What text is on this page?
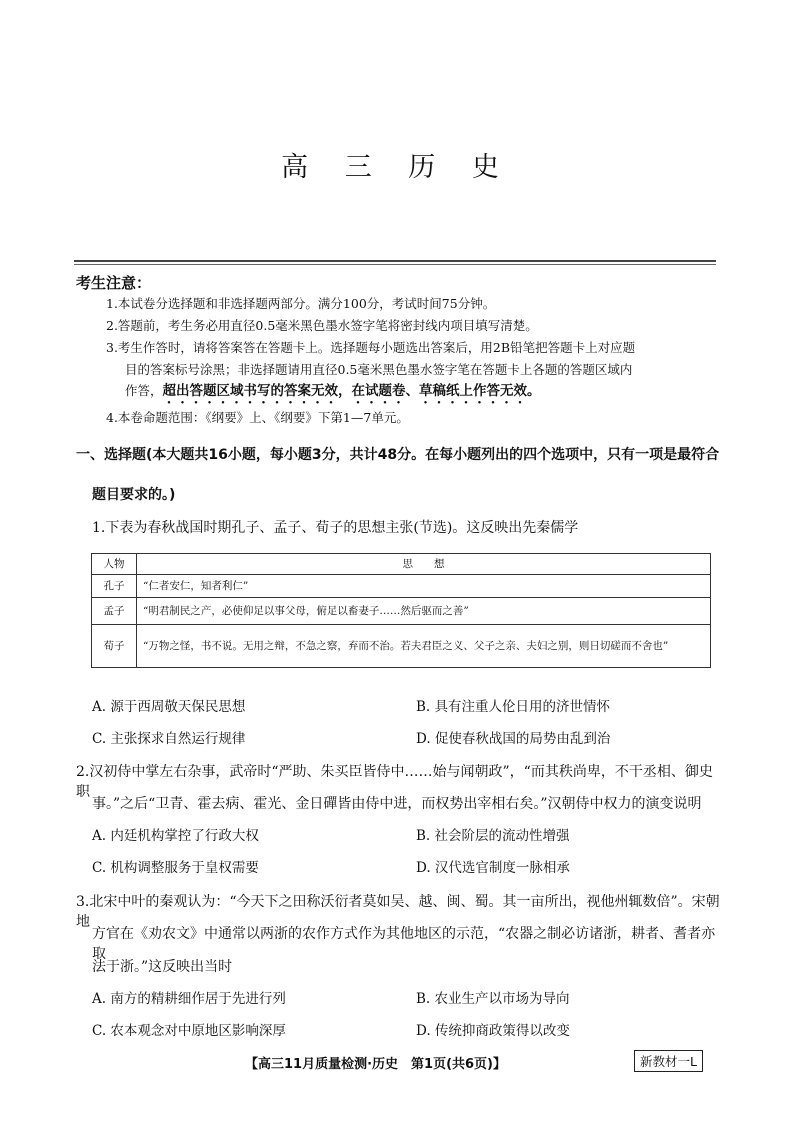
高 三 历 史
考生注意：
1.本试卷分选择题和非选择题两部分。满分100分，考试时间75分钟。
2.答题前，考生务必用直径0.5毫米黑色墨水签字笔将密封线内项目填写清楚。
3.考生作答时，请将答案答在答题卡上。选择题每小题选出答案后，用2B铅笔把答题卡上对应题
目的答案标号涂黑；非选择题请用直径0.5毫米黑色墨水签字笔在答题卡上各题的答题区域内
作答，超出答题区域书写的答案无效，在试题卷、草稿纸上作答无效。
4.本卷命题范围：《纲要》上、《纲要》下第1—7单元。
一、选择题(本大题共16小题，每小题3分，共计48分。在每小题列出的四个选项中，只有一项是最符合
题目要求的。)
1.下表为春秋战国时期孔子、孟子、荀子的思想主张(节选)。这反映出先秦儒学
人物	思　　想
孔子	“仁者安仁，知者利仁”
孟子	“明君制民之产，必使仰足以事父母，俯足以畜妻子……然后驱而之善”
荀子	“万物之怪，书不说。无用之辩，不急之察，弃而不治。若夫君臣之义、父子之亲、夫妇之别，则日切磋而不舍也”
A. 源于西周敬天保民思想	B. 具有注重人伦日用的济世情怀
C. 主张探求自然运行规律	D. 促使春秋战国的局势由乱到治
2.汉初侍中掌左右杂事，武帝时“严助、朱买臣皆侍中……始与闻朝政”，“而其秩尚卑，不干丞相、御史职
事。”之后“卫青、霍去病、霍光、金日磾皆由侍中进，而权势出宰相右矣。”汉朝侍中权力的演变说明
A. 内廷机构掌控了行政大权	B. 社会阶层的流动性增强
C. 机构调整服务于皇权需要	D. 汉代选官制度一脉相承
3.北宋中叶的秦观认为：“今天下之田称沃衍者莫如吴、越、闽、蜀。其一亩所出，视他州辄数倍”。宋朝地
方官在《劝农文》中通常以两浙的农作方式作为其他地区的示范，“农器之制必访诸浙，耕者、耆者亦取
法于浙。”这反映出当时
A. 南方的精耕细作居于先进行列	B. 农业生产以市场为导向
C. 农本观念对中原地区影响深厚	D. 传统抑商政策得以改变
【高三11月质量检测·历史　第1页(共6页)】	新教材一L
